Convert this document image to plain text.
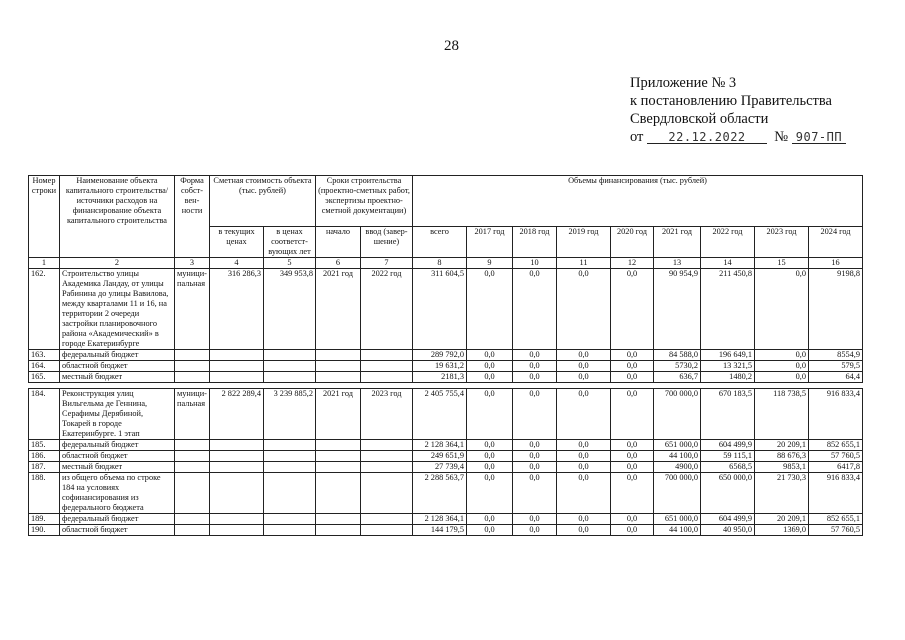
28
Приложение № 3
к постановлению Правительства
Свердловской области
от 22.12.2022 № 907-ПП
Номер строки	Наименование объекта капитального строительства/источники расходов на финансирование объекта капитального строительства	Форма собст-вен-ности	Сметная стоимость объекта (тыс. рублей)		Сроки строительства (проектно-сметных работ, экспертизы проектно-сметной документации)		Объемы финансирования (тыс. рублей)								
			в текущих ценах	в ценах соответст-вующих лет	начало	ввод (завер-шение)	всего	2017 год	2018 год	2019 год	2020 год	2021 год	2022 год	2023 год	2024 год
1	2	3	4	5	6	7	8	9	10	11	12	13	14	15	16
162.	Строительство улицы Академика Ландау, от улицы Рабинина до улицы Вавилова, между кварталами 11 и 16, на территории 2 очереди застройки планировочного района «Академический» в городе Екатеринбурге	муници-пальная	316 286,3	349 953,8	2021 год	2022 год	311 604,5	0,0	0,0	0,0	0,0	90 954,9	211 450,8	0,0	9198,8
163.	федеральный бюджет						289 792,0	0,0	0,0	0,0	0,0	84 588,0	196 649,1	0,0	8554,9
164.	областной бюджет						19 631,2	0,0	0,0	0,0	0,0	5730,2	13 321,5	0,0	579,5
165.	местный бюджет						2181,3	0,0	0,0	0,0	0,0	636,7	1480,2	0,0	64,4

184.	Реконструкция улиц Вильгельма де Геннина, Серафимы Дерябиной, Токарей в городе Екатеринбурге. 1 этап	муници-пальная	2 822 289,4	3 239 885,2	2021 год	2023 год	2 405 755,4	0,0	0,0	0,0	0,0	700 000,0	670 183,5	118 738,5	916 833,4
185.	федеральный бюджет						2 128 364,1	0,0	0,0	0,0	0,0	651 000,0	604 499,9	20 209,1	852 655,1
186.	областной бюджет						249 651,9	0,0	0,0	0,0	0,0	44 100,0	59 115,1	88 676,3	57 760,5
187.	местный бюджет						27 739,4	0,0	0,0	0,0	0,0	4900,0	6568,5	9853,1	6417,8
188.	из общего объема по строке 184 на условиях софинансирования из федерального бюджета						2 288 563,7	0,0	0,0	0,0	0,0	700 000,0	650 000,0	21 730,3	916 833,4
189.	федеральный бюджет						2 128 364,1	0,0	0,0	0,0	0,0	651 000,0	604 499,9	20 209,1	852 655,1
190.	областной бюджет						144 179,5	0,0	0,0	0,0	0,0	44 100,0	40 950,0	1369,0	57 760,5
